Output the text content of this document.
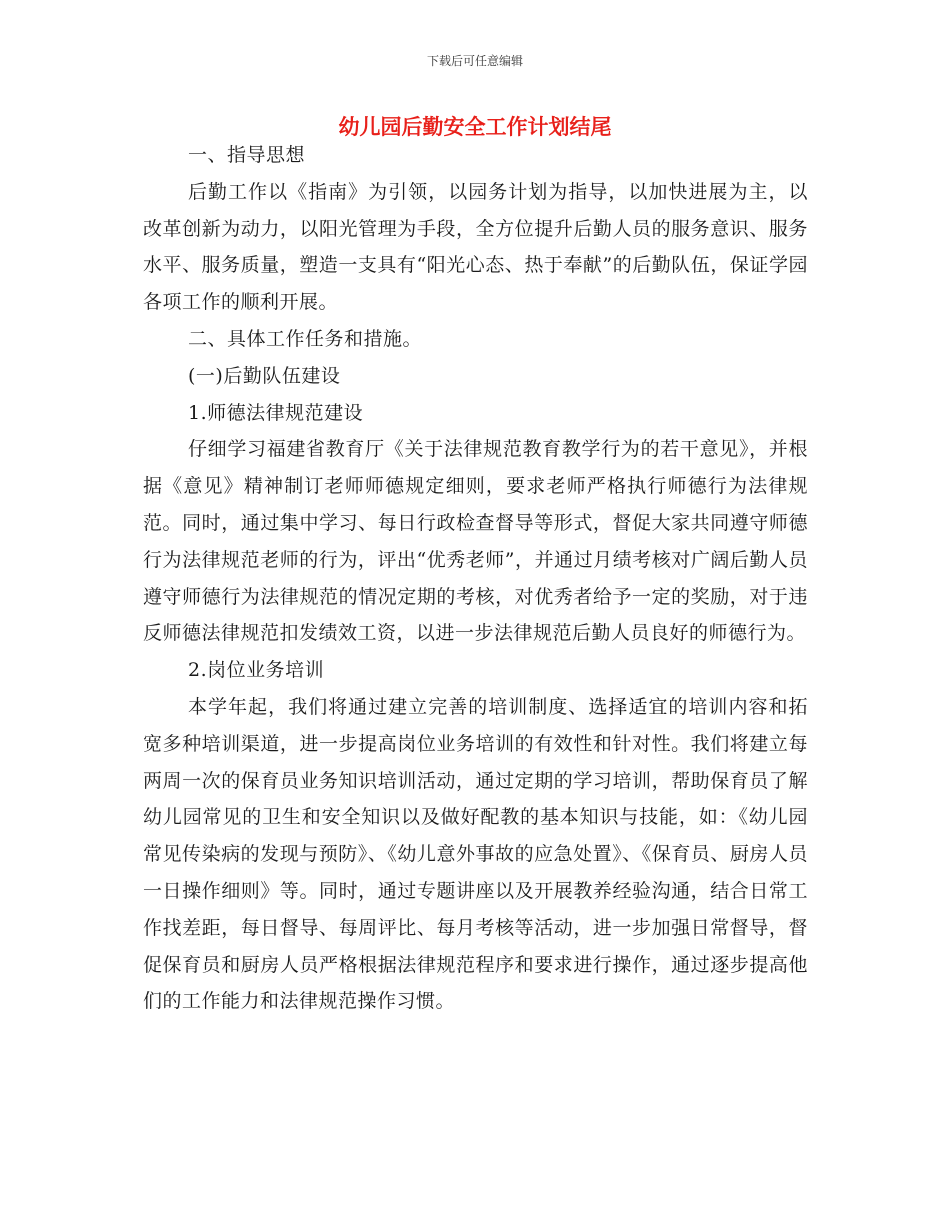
下载后可任意编辑
幼儿园后勤安全工作计划结尾

一、指导思想

后勤工作以《指南》为引领，以园务计划为指导，以加快进展为主，以改革创新为动力，以阳光管理为手段，全方位提升后勤人员的服务意识、服务水平、服务质量，塑造一支具有“阳光心态、热于奉献”的后勤队伍，保证学园各项工作的顺利开展。

二、具体工作任务和措施。

(一)后勤队伍建设

1.师德法律规范建设

仔细学习福建省教育厅《关于法律规范教育教学行为的若干意见》，并根据《意见》精神制订老师师德规定细则，要求老师严格执行师德行为法律规范。同时，通过集中学习、每日行政检查督导等形式，督促大家共同遵守师德行为法律规范老师的行为，评出“优秀老师”，并通过月绩考核对广阔后勤人员遵守师德行为法律规范的情况定期的考核，对优秀者给予一定的奖励，对于违反师德法律规范扣发绩效工资，以进一步法律规范后勤人员良好的师德行为。

2.岗位业务培训

本学年起，我们将通过建立完善的培训制度、选择适宜的培训内容和拓宽多种培训渠道，进一步提高岗位业务培训的有效性和针对性。我们将建立每两周一次的保育员业务知识培训活动，通过定期的学习培训，帮助保育员了解幼儿园常见的卫生和安全知识以及做好配教的基本知识与技能，如：《幼儿园常见传染病的发现与预防》、《幼儿意外事故的应急处置》、《保育员、厨房人员一日操作细则》等。同时，通过专题讲座以及开展教养经验沟通，结合日常工作找差距，每日督导、每周评比、每月考核等活动，进一步加强日常督导，督促保育员和厨房人员严格根据法律规范程序和要求进行操作，通过逐步提高他们的工作能力和法律规范操作习惯。
